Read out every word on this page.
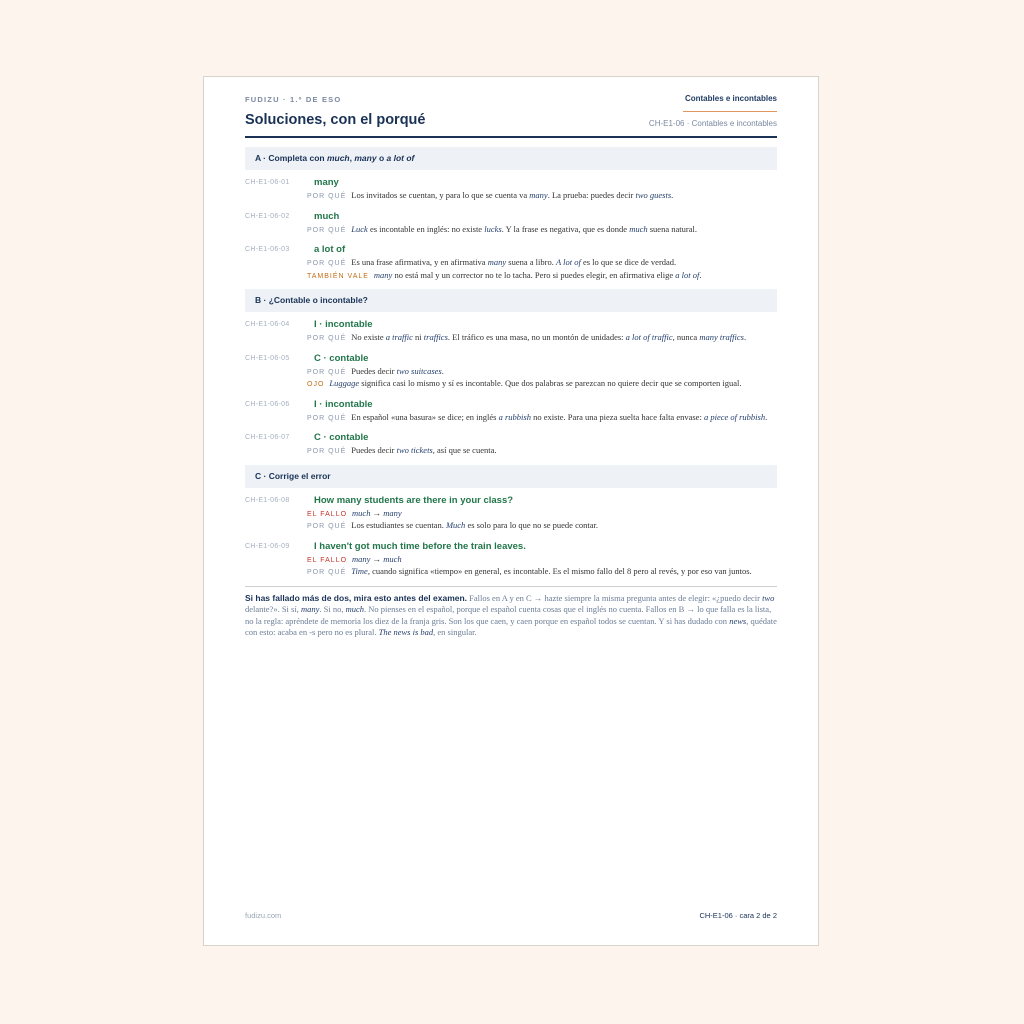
FUDIZU · 1.º DE ESO	Contables e incontables
Soluciones, con el porqué	CH-E1-06 · Contables e incontables
A · Completa con much, many o a lot of
CH-E1-06-01	many
POR QUÉ Los invitados se cuentan, y para lo que se cuenta va many. La prueba: puedes decir two guests.
CH-E1-06-02	much
POR QUÉ Luck es incontable en inglés: no existe lucks. Y la frase es negativa, que es donde much suena natural.
CH-E1-06-03	a lot of
POR QUÉ Es una frase afirmativa, y en afirmativa many suena a libro. A lot of es lo que se dice de verdad.
TAMBIÉN VALE many no está mal y un corrector no te lo tacha. Pero si puedes elegir, en afirmativa elige a lot of.
B · ¿Contable o incontable?
CH-E1-06-04	I · incontable
POR QUÉ No existe a traffic ni traffics. El tráfico es una masa, no un montón de unidades: a lot of traffic, nunca many traffics.
CH-E1-06-05	C · contable
POR QUÉ Puedes decir two suitcases.
OJO Luggage significa casi lo mismo y sí es incontable. Que dos palabras se parezcan no quiere decir que se comporten igual.
CH-E1-06-06	I · incontable
POR QUÉ En español «una basura» se dice; en inglés a rubbish no existe. Para una pieza suelta hace falta envase: a piece of rubbish.
CH-E1-06-07	C · contable
POR QUÉ Puedes decir two tickets, así que se cuenta.
C · Corrige el error
CH-E1-06-08	How many students are there in your class?
EL FALLO much → many
POR QUÉ Los estudiantes se cuentan. Much es solo para lo que no se puede contar.
CH-E1-06-09	I haven't got much time before the train leaves.
EL FALLO many → much
POR QUÉ Time, cuando significa «tiempo» en general, es incontable. Es el mismo fallo del 8 pero al revés, y por eso van juntos.
Si has fallado más de dos, mira esto antes del examen. Fallos en A y en C → hazte siempre la misma pregunta antes de elegir: «¿puedo decir two delante?». Si sí, many. Si no, much. No pienses en el español, porque el español cuenta cosas que el inglés no cuenta. Fallos en B → lo que falla es la lista, no la regla: apréndete de memoria los diez de la franja gris. Son los que caen, y caen porque en español todos se cuentan. Y si has dudado con news, quédate con esto: acaba en -s pero no es plural. The news is bad, en singular.
fudizu.com	CH-E1-06 · cara 2 de 2
